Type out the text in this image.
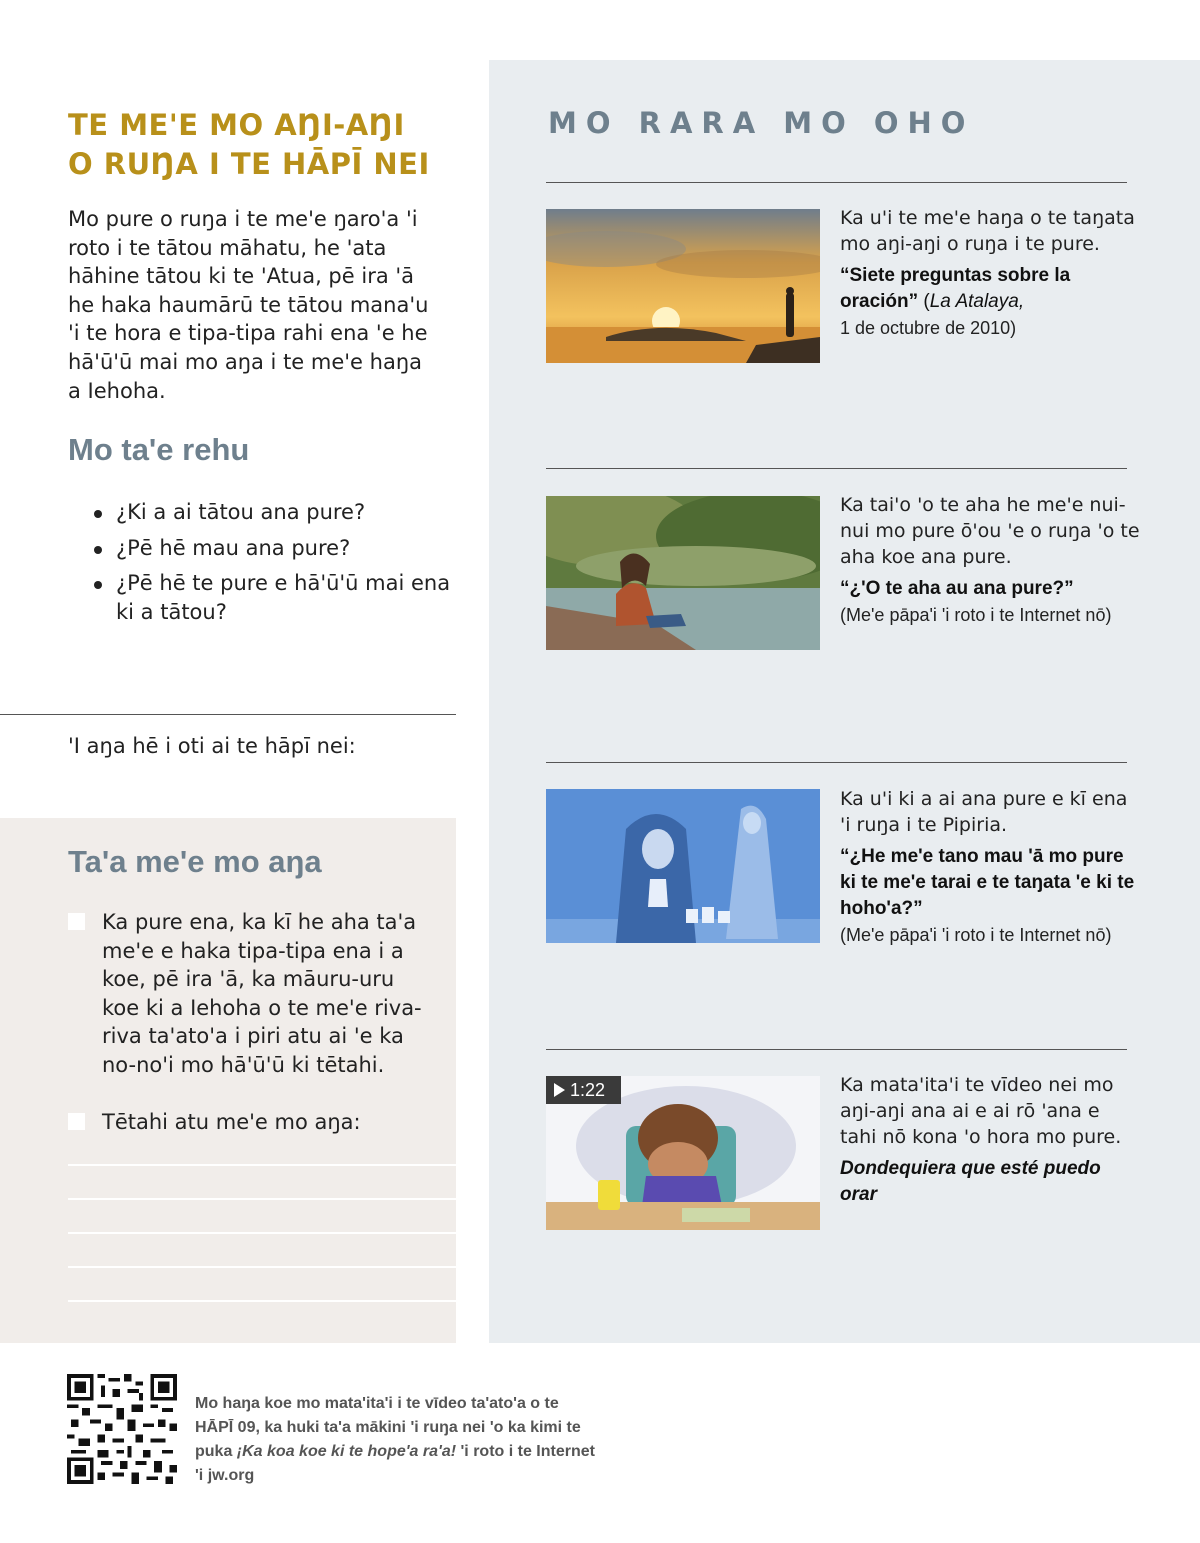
TE ME'E MO AŊI-AŊI
O RUŊA I TE HĀPĪ NEI

Mo pure o ruŋa i te me'e ŋaro'a 'i roto i te tātou māhatu, he 'ata hāhine tātou ki te 'Atua, pē ira 'ā he haka haumārū te tātou mana'u 'i te hora e tipa-tipa rahi ena 'e he hā'ū'ū mai mo aŋa i te me'e haŋa a Iehoha.

Mo ta'e rehu
¿Ki a ai tātou ana pure?
¿Pē hē mau ana pure?
¿Pē hē te pure e hā'ū'ū mai ena ki a tātou?
'I aŋa hē i oti ai te hāpī nei:
Ta'a me'e mo aŋa

Ka pure ena, ka kī he aha ta'a me'e e haka tipa-tipa ena i a koe, pē ira 'ā, ka māuru-uru koe ki a Iehoha o te me'e riva-riva ta'ato'a i piri atu ai 'e ka no-no'i mo hā'ū'ū ki tētahi.

Tētahi atu me'e mo aŋa:

MO RARA MO OHO

Ka u'i te me'e haŋa o te taŋata mo aŋi-aŋi o ruŋa i te pure.

“Siete preguntas sobre la oración” (La Atalaya,

1 de octubre de 2010)

Ka tai'o 'o te aha he me'e nui-nui mo pure ō'ou 'e o ruŋa 'o te aha koe ana pure.

“¿'O te aha au ana pure?”

(Me'e pāpa'i 'i roto i te Internet nō)

Ka u'i ki a ai ana pure e kī ena 'i ruŋa i te Pipiria.

“¿He me'e tano mau 'ā mo pure ki te me'e tarai e te taŋata 'e ki te hoho'a?”

(Me'e pāpa'i 'i roto i te Internet nō)

1:22	Ka mata'ita'i te vīdeo nei mo aŋi-aŋi ana ai e ai rō 'ana e tahi nō kona 'o hora mo pure.

Dondequiera que esté puedo orar

Mo haŋa koe mo mata'ita'i i te vīdeo ta'ato'a o te HĀPĪ 09, ka huki ta'a mākini 'i ruŋa nei 'o ka kimi te puka ¡Ka koa koe ki te hope'a ra'a! 'i roto i te Internet 'i jw.org
